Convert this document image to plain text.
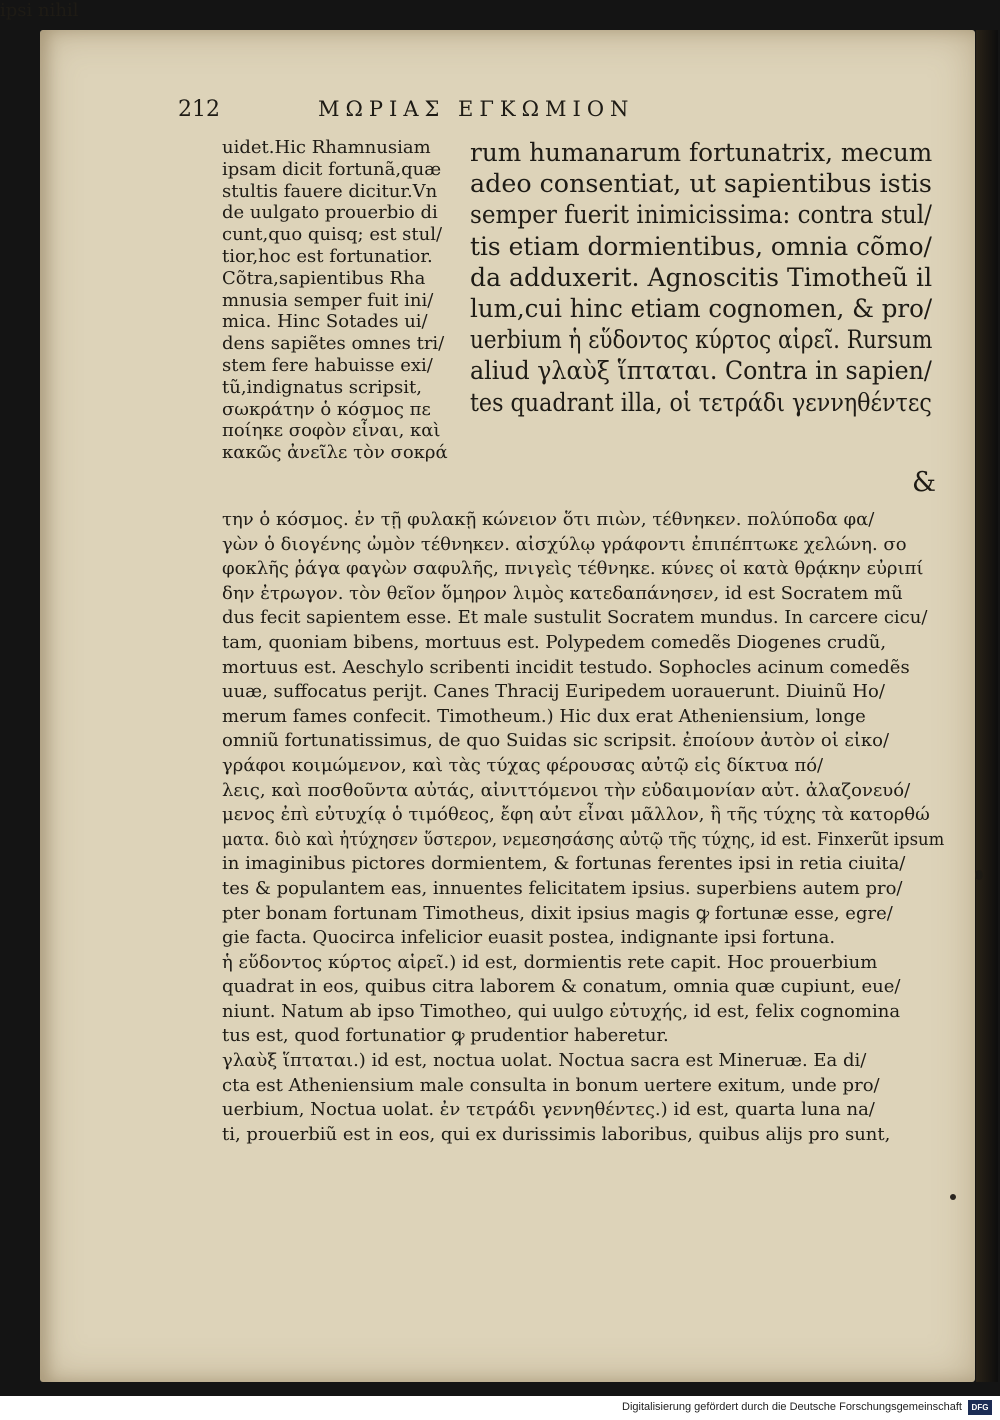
212	ΜΩΡΙΑΣ ΕΓΚΩΜΙΟΝ
uidet.Hic Rhamnusiam
ipsam dicit fortunã,quæ
stultis fauere dicitur.Vn
de uulgato prouerbio di
cunt,quo quisq; est stul/
tior,hoc est fortunatior.
Cõtra,sapientibus Rha
mnusia semper fuit ini/
mica. Hinc Sotades ui/
dens sapiẽtes omnes tri/
stem fere habuisse exi/
tũ,indignatus scripsit,
σωκράτην ὁ κόσμος πε
ποίηκε σοφὸν εἶναι, καὶ
κακῶς ἀνεῖλε τὸν σοκρά
rum humanarum fortunatrix, mecum
adeo consentiat, ut sapientibus istis
semper fuerit inimicissima: contra stul/
tis etiam dormientibus, omnia cõmo/
da adduxerit. Agnoscitis Timotheũ il
lum,cui hinc etiam cognomen, & pro/
uerbium ἡ εὕδοντος κύρτος αἱρεῖ. Rursum
aliud γλαὺξ ἵπταται. Contra in sapien/
tes quadrant illa, οἱ τετράδι γεννηθέντες
&
την ὁ κόσμος. ἐν τῇ φυλακῇ κώνειον ὅτι πιὼν, τέθνηκεν. πολύποδα φα/
γὼν ὁ διογένης ὠμὸν τέθνηκεν. αἰσχύλῳ γράφοντι ἐπιπέπτωκε χελώνη. σο
φοκλῆς ῥάγα φαγὼν σαφυλῆς, πνιγεὶς τέθνηκε. κύνες οἱ κατὰ θρᾴκην εὐριπί
δην ἐτρωγον. τὸν θεῖον ὅμηρον λιμὸς κατεδαπάνησεν, id est Socratem mũ
dus fecit sapientem esse. Et male sustulit Socratem mundus. In carcere cicu/
tam, quoniam bibens, mortuus est. Polypedem comedẽs Diogenes crudũ,
mortuus est. Aeschylo scribenti incidit testudo. Sophocles acinum comedẽs
uuæ, suffocatus perijt. Canes Thracij Euripedem uorauerunt. Diuinũ Ho/
merum fames confecit. Timotheum.) Hic dux erat Atheniensium, longe
omniũ fortunatissimus, de quo Suidas sic scripsit. ἐποίουν ἀυτὸν οἱ εἰκο/
γράφοι κοιμώμενον, καὶ τὰς τύχας φέρουσας αὐτῷ εἰς δίκτυα πό/
λεις, καὶ ποσθοῦντα αὐτάς, αἰνιττόμενοι τὴν εὐδαιμονίαν αὐτ. ἀλαζονευό/
μενος ἐπὶ εὐτυχίᾳ ὁ τιμόθεος, ἔφη αὐτ εἶναι μᾶλλον, ἢ τῆς τύχης τὰ κατορθώ
ματα. διὸ καὶ ἠτύχησεν ὕστερον, νεμεσησάσης αὐτῷ τῆς τύχης, id est. Finxerũt ipsum
in imaginibus pictores dormientem, & fortunas ferentes ipsi in retia ciuita/
tes & populantem eas, innuentes felicitatem ipsius. superbiens autem pro/
pter bonam fortunam Timotheus, dixit ipsius magis ꝙ fortunæ esse, egre/
gie facta. Quocirca infelicior euasit postea, indignante ipsi fortuna.
ἡ εὕδοντος κύρτος αἱρεῖ.) id est, dormientis rete capit. Hoc prouerbium
quadrat in eos, quibus citra laborem & conatum, omnia quæ cupiunt, eue/
niunt. Natum ab ipso Timotheo, qui uulgo εὐτυχής, id est, felix cognomina
tus est, quod fortunatior ꝙ prudentior haberetur.
γλαὺξ ἵπταται.) id est, noctua uolat. Noctua sacra est Mineruæ. Ea di/
cta est Atheniensium male consulta in bonum uertere exitum, unde pro/
uerbium, Noctua uolat. ἐν τετράδι γεννηθέντες.) id est, quarta luna na/
ti, prouerbiũ est in eos, qui ex durissimis laboribus, quibus alijs pro sunt,
ipsi nihil
Digitalisierung gefördert durch die Deutsche Forschungsgemeinschaft	DFG
